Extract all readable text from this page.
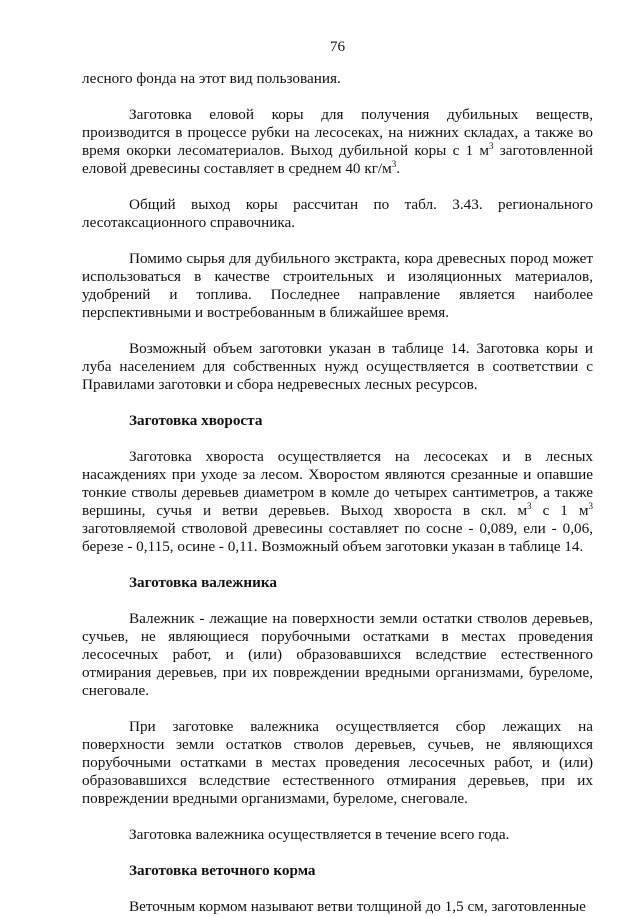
76

лесного фонда на этот вид пользования.

Заготовка еловой коры для получения дубильных веществ, производится в процессе рубки на лесосеках, на нижних складах, а также во время окорки лесоматериалов. Выход дубильной коры с 1 $м^3$ заготовленной еловой древесины составляет в среднем 40 $кг/м^3$.

Общий выход коры рассчитан по табл. 3.43. регионального лесотаксационного справочника.

Помимо сырья для дубильного экстракта, кора древесных пород может использоваться в качестве строительных и изоляционных материалов, удобрений и топлива. Последнее направление является наиболее перспективными и востребованным в ближайшее время.

Возможный объем заготовки указан в таблице 14. Заготовка коры и луба населением для собственных нужд осуществляется в соответствии с Правилами заготовки и сбора недревесных лесных ресурсов.

Заготовка хвороста

Заготовка хвороста осуществляется на лесосеках и в лесных насаждениях при уходе за лесом. Хворостом являются срезанные и опавшие тонкие стволы деревьев диаметром в комле до четырех сантиметров, а также вершины, сучья и ветви деревьев. Выход хвороста в скл. $м^3$ с 1 $м^3$ заготовляемой стволовой древесины составляет по сосне - 0,089, ели - 0,06, березе - 0,115, осине - 0,11. Возможный объем заготовки указан в таблице 14.

Заготовка валежника

Валежник - лежащие на поверхности земли остатки стволов деревьев, сучьев, не являющиеся порубочными остатками в местах проведения лесосечных работ, и (или) образовавшихся вследствие естественного отмирания деревьев, при их повреждении вредными организмами, буреломе, снеговале.

При заготовке валежника осуществляется сбор лежащих на поверхности земли остатков стволов деревьев, сучьев, не являющихся порубочными остатками в местах проведения лесосечных работ, и (или) образовавшихся вследствие естественного отмирания деревьев, при их повреждении вредными организмами, буреломе, снеговале.

Заготовка валежника осуществляется в течение всего года.

Заготовка веточного корма

Веточным кормом называют ветви толщиной до 1,5 см, заготовленные
